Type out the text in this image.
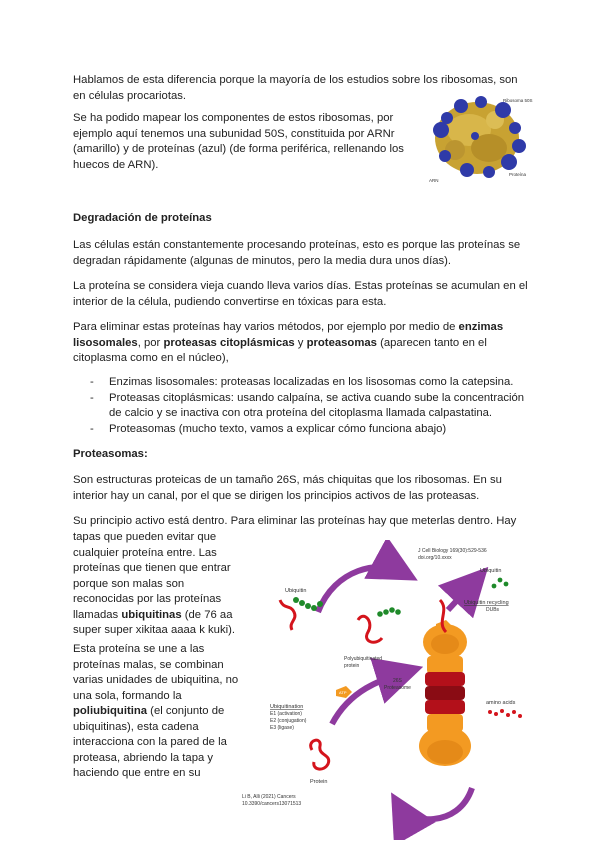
Hablamos de esta diferencia porque la mayoría de los estudios sobre los ribosomas, son en células procariotas.

Se ha podido mapear los componentes de estos ribosomas, por ejemplo aquí tenemos una subunidad 50S, constituida por ARNr (amarillo) y de proteínas (azul) (de forma periférica, rellenando los huecos de ARN).

Ribosoma 50S
ARN
Proteína

Degradación de proteínas

Las células están constantemente procesando proteínas, esto es porque las proteínas se degradan rápidamente (algunas de minutos, pero la media dura unos días).

La proteína se considera vieja cuando lleva varios días. Estas proteínas se acumulan en el interior de la célula, pudiendo convertirse en tóxicas para esta.

Para eliminar estas proteínas hay varios métodos, por ejemplo por medio de enzimas lisosomales, por proteasas citoplásmicas y proteasomas (aparecen tanto en el citoplasma como en el núcleo),

- Enzimas lisosomales: proteasas localizadas en los lisosomas como la catepsina.
- Proteasas citoplásmicas: usando calpaína, se activa cuando sube la concentración de calcio y se inactiva con otra proteína del citoplasma llamada calpastatina.
- Proteasomas (mucho texto, vamos a explicar cómo funciona abajo)

Proteasomas:

Son estructuras proteicas de un tamaño 26S, más chiquitas que los ribosomas. En su interior hay un canal, por el que se dirigen los principios activos de las proteasas.

Su principio activo está dentro. Para eliminar las proteínas hay que meterlas dentro. Hay

tapas que pueden evitar que cualquier proteína entre. Las proteínas que tienen que entrar porque son malas son reconocidas por las proteínas llamadas ubiquitinas (de 76 aa super super xikitaa aaaa k kuki).

Esta proteína se une a las proteínas malas, se combinan varias unidades de ubiquitina, no una sola, formando la poliubiquitina (el conjunto de ubiquitinas), esta cadena interacciona con la pared de la proteasa, abriendo la tapa y haciendo que entre en su

J Cell Biology 169(30):529-536
doi.org/10.xxxx
Ubiquitin
Polyubiquitinated
protein
Ubiquitination
E1 (activation)
E2 (conjugation)
E3 (ligase)
ATP
26S
Proteasome
Ubiquitin
Ubiquitin recycling
DUBs
amino acids
Protein
Li B, Alli (2021) Cancers
10.3390/cancers13071513
